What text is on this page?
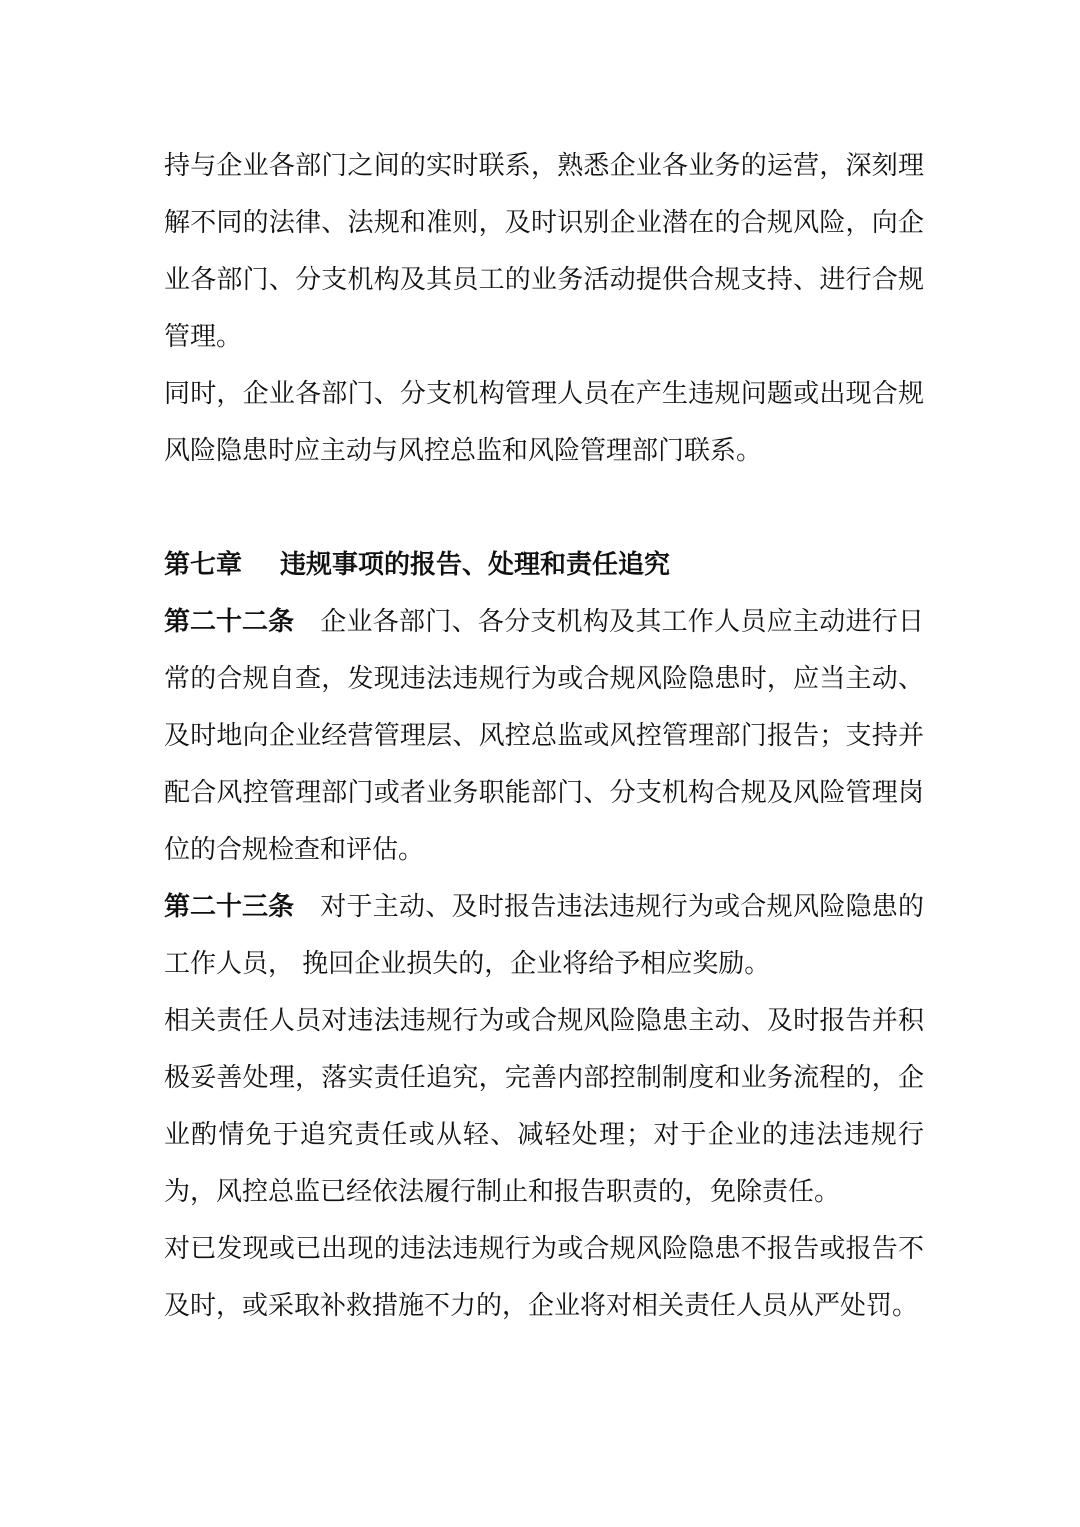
持与企业各部门之间的实时联系，熟悉企业各业务的运营，深刻理解不同的法律、法规和准则，及时识别企业潜在的合规风险，向企业各部门、分支机构及其员工的业务活动提供合规支持、进行合规管理。

同时，企业各部门、分支机构管理人员在产生违规问题或出现合规风险隐患时应主动与风控总监和风险管理部门联系。

第七章 违规事项的报告、处理和责任追究

第二十二条 企业各部门、各分支机构及其工作人员应主动进行日常的合规自查，发现违法违规行为或合规风险隐患时，应当主动、及时地向企业经营管理层、风控总监或风控管理部门报告；支持并配合风控管理部门或者业务职能部门、分支机构合规及风险管理岗位的合规检查和评估。

第二十三条 对于主动、及时报告违法违规行为或合规风险隐患的工作人员， 挽回企业损失的，企业将给予相应奖励。

相关责任人员对违法违规行为或合规风险隐患主动、及时报告并积极妥善处理，落实责任追究，完善内部控制制度和业务流程的，企业酌情免于追究责任或从轻、减轻处理；对于企业的违法违规行为，风控总监已经依法履行制止和报告职责的，免除责任。

对已发现或已出现的违法违规行为或合规风险隐患不报告或报告不及时，或采取补救措施不力的，企业将对相关责任人员从严处罚。
